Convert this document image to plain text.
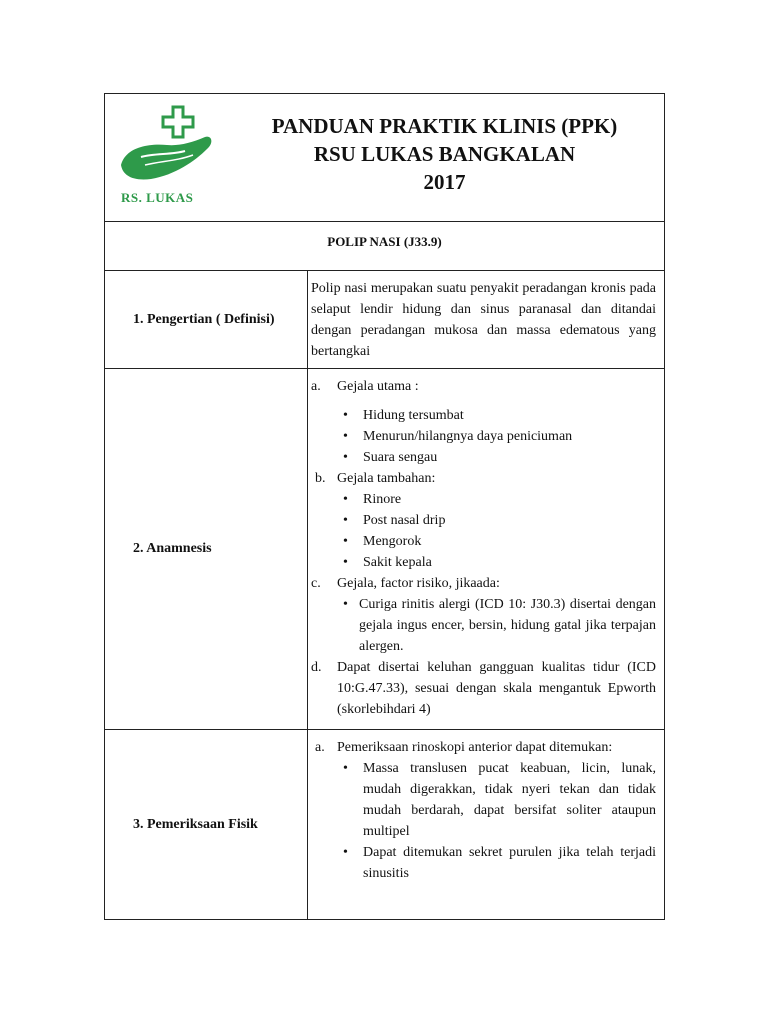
RS. LUKAS
PANDUAN PRAKTIK KLINIS (PPK)
RSU LUKAS BANGKALAN
2017
POLIP NASI (J33.9)
1. Pengertian ( Definisi)
Polip nasi merupakan suatu penyakit peradangan kronis pada selaput lendir hidung dan sinus paranasal dan ditandai dengan peradangan mukosa dan massa edematous yang bertangkai
2. Anamnesis
a. Gejala utama :
• Hidung tersumbat
• Menurun/hilangnya daya peniciuman
• Suara sengau
b. Gejala tambahan:
• Rinore
• Post nasal drip
• Mengorok
• Sakit kepala
c. Gejala, factor risiko, jikaada:
• Curiga rinitis alergi (ICD 10: J30.3) disertai dengan gejala ingus encer, bersin, hidung gatal jika terpajan alergen.
d. Dapat disertai keluhan gangguan kualitas tidur (ICD 10:G.47.33), sesuai dengan skala mengantuk Epworth (skorlebihdari 4)
3. Pemeriksaan Fisik
a. Pemeriksaan rinoskopi anterior dapat ditemukan:
• Massa translusen pucat keabuan, licin, lunak, mudah digerakkan, tidak nyeri tekan dan tidak mudah berdarah, dapat bersifat soliter ataupun multipel
• Dapat ditemukan sekret purulen jika telah terjadi sinusitis
